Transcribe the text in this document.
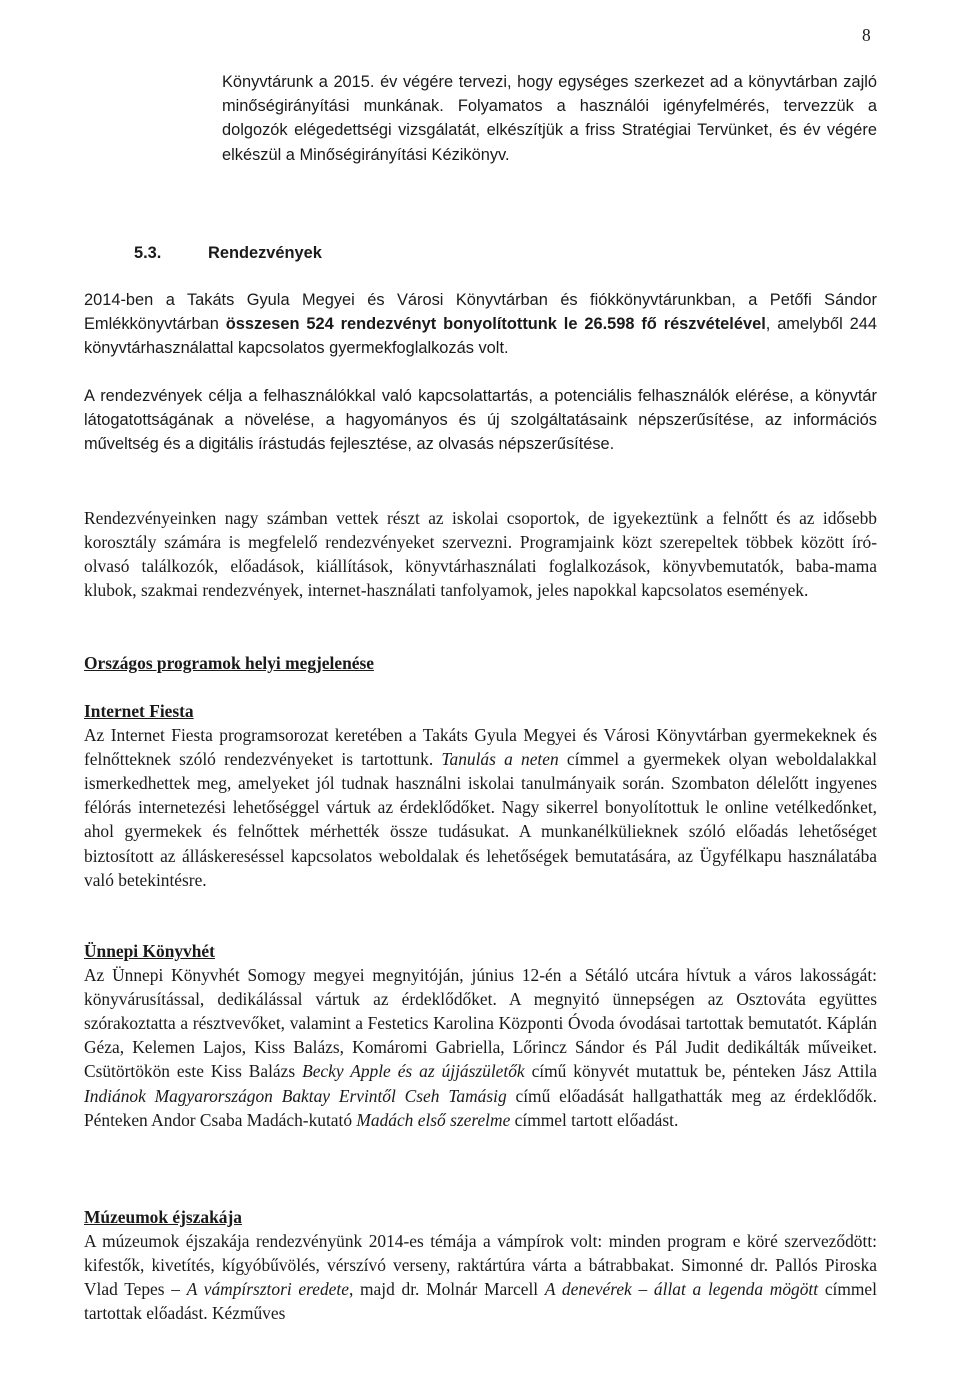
8

Könyvtárunk a 2015. év végére tervezi, hogy egységes szerkezet ad a könyvtárban zajló minőségirányítási munkának. Folyamatos a használói igényfelmérés, tervezzük a dolgozók elégedettségi vizsgálatát, elkészítjük a friss Stratégiai Tervünket, és év végére elkészül a Minőségirányítási Kézikönyv.

5.3.	Rendezvények

2014-ben a Takáts Gyula Megyei és Városi Könyvtárban és fiókkönyvtárunkban, a Petőfi Sándor Emlékkönyvtárban összesen 524 rendezvényt bonyolítottunk le 26.598 fő részvételével, amelyből 244 könyvtárhasználattal kapcsolatos gyermekfoglalkozás volt.

A rendezvények célja a felhasználókkal való kapcsolattartás, a potenciális felhasználók elérése, a könyvtár látogatottságának a növelése, a hagyományos és új szolgáltatásaink népszerűsítése, az információs műveltség és a digitális írástudás fejlesztése, az olvasás népszerűsítése.

Rendezvényeinken nagy számban vettek részt az iskolai csoportok, de igyekeztünk a felnőtt és az idősebb korosztály számára is megfelelő rendezvényeket szervezni. Programjaink közt szerepeltek többek között író-olvasó találkozók, előadások, kiállítások, könyvtárhasználati foglalkozások, könyvbemutatók, baba-mama klubok, szakmai rendezvények, internet-használati tanfolyamok, jeles napokkal kapcsolatos események.

Országos programok helyi megjelenése

Internet Fiesta

Az Internet Fiesta programsorozat keretében a Takáts Gyula Megyei és Városi Könyvtárban gyermekeknek és felnőtteknek szóló rendezvényeket is tartottunk. Tanulás a neten címmel a gyermekek olyan weboldalakkal ismerkedhettek meg, amelyeket jól tudnak használni iskolai tanulmányaik során. Szombaton délelőtt ingyenes félórás internetezési lehetőséggel vártuk az érdeklődőket. Nagy sikerrel bonyolítottuk le online vetélkedőnket, ahol gyermekek és felnőttek mérhették össze tudásukat. A munkanélkülieknek szóló előadás lehetőséget biztosított az álláskereséssel kapcsolatos weboldalak és lehetőségek bemutatására, az Ügyfélkapu használatába való betekintésre.

Ünnepi Könyvhét

Az Ünnepi Könyvhét Somogy megyei megnyitóján, június 12-én a Sétáló utcára hívtuk a város lakosságát: könyvárusítással, dedikálással vártuk az érdeklődőket. A megnyitó ünnepségen az Osztováta együttes szórakoztatta a résztvevőket, valamint a Festetics Karolina Központi Óvoda óvodásai tartottak bemutatót. Káplán Géza, Kelemen Lajos, Kiss Balázs, Komáromi Gabriella, Lőrincz Sándor és Pál Judit dedikálták műveiket. Csütörtökön este Kiss Balázs Becky Apple és az újjászületők című könyvét mutattuk be, pénteken Jász Attila Indiánok Magyarországon Baktay Ervintől Cseh Tamásig című előadását hallgathatták meg az érdeklődők. Pénteken Andor Csaba Madách-kutató Madách első szerelme címmel tartott előadást.

Múzeumok éjszakája

A múzeumok éjszakája rendezvényünk 2014-es témája a vámpírok volt: minden program e köré szerveződött: kifestők, kivetítés, kígyóbűvölés, vérszívó verseny, raktártúra várta a bátrabbakat. Simonné dr. Pallós Piroska Vlad Tepes – A vámpírsztori eredete, majd dr. Molnár Marcell A denevérek – állat a legenda mögött címmel tartottak előadást. Kézműves
